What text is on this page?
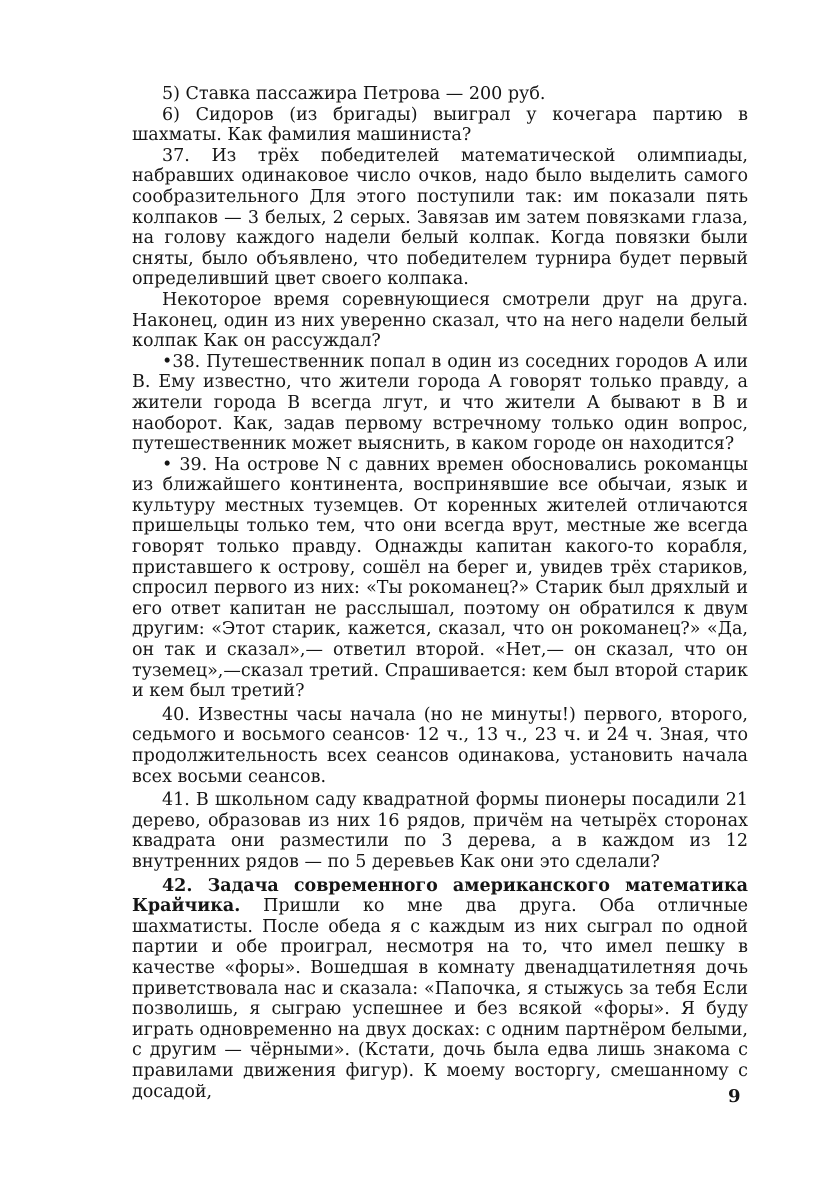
5) Ставка пассажира Петрова — 200 руб.

6) Сидоров (из бригады) выиграл у кочегара партию в шахматы. Как фамилия машиниста?

37. Из трёх победителей математической олимпиады, набравших одинаковое число очков, надо было выделить самого сообразительного Для этого поступили так: им показали пять колпаков — 3 белых, 2 серых. Завязав им затем повязками глаза, на голову каждого надели белый колпак. Когда повязки были сняты, было объявлено, что победителем турнира будет первый определивший цвет своего колпака.

Некоторое время соревнующиеся смотрели друг на друга. Наконец, один из них уверенно сказал, что на него надели белый колпак Как он рассуждал?

•38. Путешественник попал в один из соседних городов А или В. Ему известно, что жители города А говорят только правду, а жители города В всегда лгут, и что жители А бывают в В и наоборот. Как, задав первому встречному только один вопрос, путешественник может выяснить, в каком городе он находится?

• 39. На острове N с давних времен обосновались рокоманцы из ближайшего континента, воспринявшие все обычаи, язык и культуру местных туземцев. От коренных жителей отличаются пришельцы только тем, что они всегда врут, местные же всегда говорят только правду. Однажды капитан какого-то корабля, приставшего к острову, сошёл на берег и, увидев трёх стариков, спросил первого из них: «Ты рокоманец?» Старик был дряхлый и его ответ капитан не расслышал, поэтому он обратился к двум другим: «Этот старик, кажется, сказал, что он рокоманец?» «Да, он так и сказал»,— ответил второй. «Нет,— он сказал, что он туземец»,—сказал третий. Спрашивается: кем был второй старик и кем был третий?

40. Известны часы начала (но не минуты!) первого, второго, седьмого и восьмого сеансов· 12 ч., 13 ч., 23 ч. и 24 ч. Зная, что продолжительность всех сеансов одинакова, установить начала всех восьми сеансов.

41. В школьном саду квадратной формы пионеры посадили 21 дерево, образовав из них 16 рядов, причём на четырёх сторонах квадрата они разместили по 3 дерева, а в каждом из 12 внутренних рядов — по 5 деревьев Как они это сделали?

42. Задача современного американского математика Крайчика. Пришли ко мне два друга. Оба отличные шахматисты. После обеда я с каждым из них сыграл по одной партии и обе проиграл, несмотря на то, что имел пешку в качестве «форы». Вошедшая в комнату двенадцатилетняя дочь приветствовала нас и сказала: «Папочка, я стыжусь за тебя Если позволишь, я сыграю успешнее и без всякой «форы». Я буду играть одновременно на двух досках: с одним партнёром белыми, с другим — чёрными». (Кстати, дочь была едва лишь знакома с правилами движения фигур). К моему восторгу, смешанному с досадой,	9
